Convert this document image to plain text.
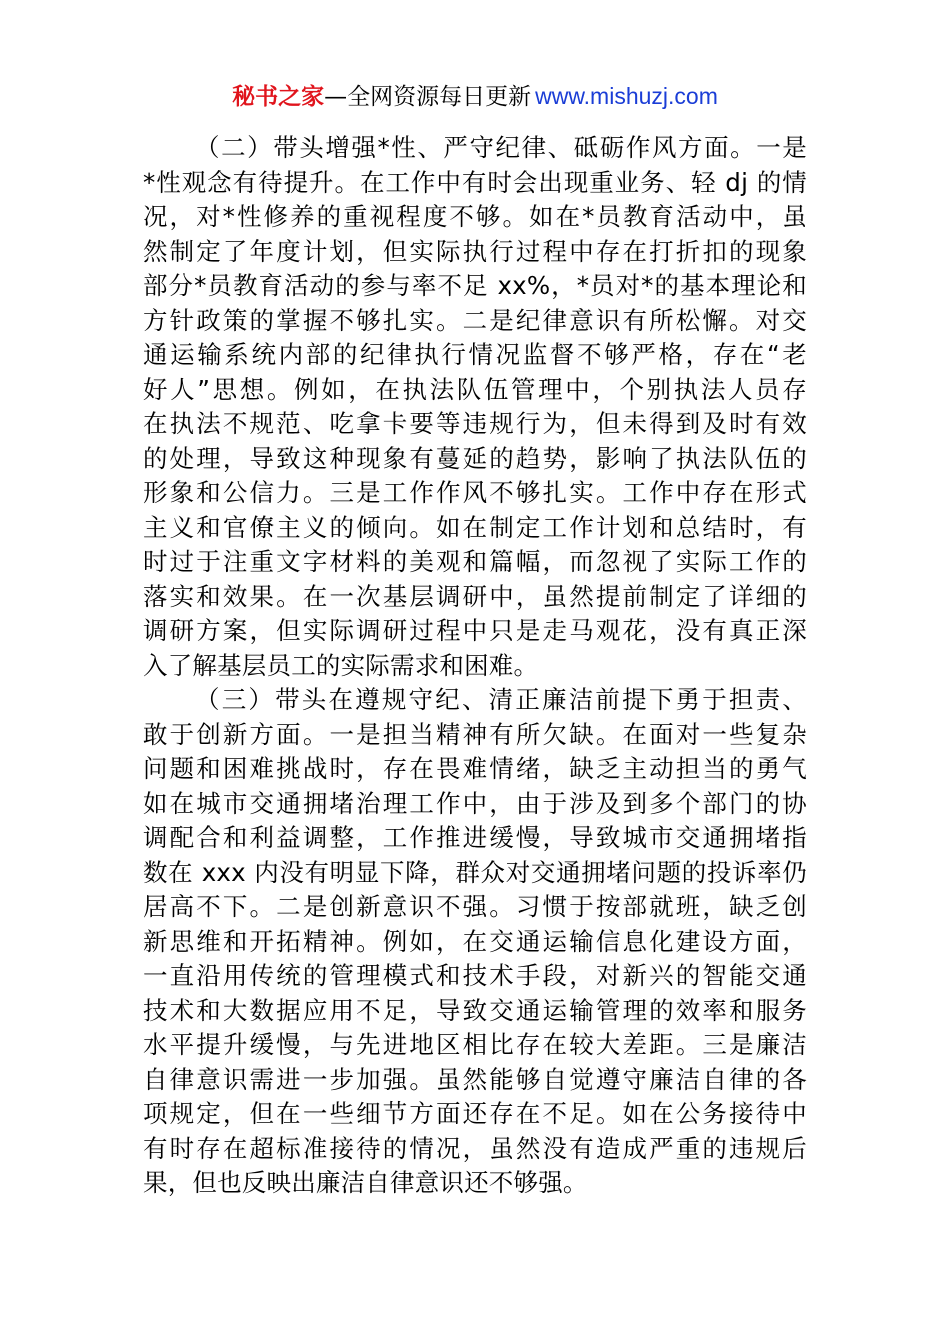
秘书之家—全网资源每日更新 www.mishuzj.com
（二）带头增强*性、严守纪律、砥砺作风方面。一是
*性观念有待提升。在工作中有时会出现重业务、轻 dj 的情
况，对*性修养的重视程度不够。如在*员教育活动中，虽
然制定了年度计划，但实际执行过程中存在打折扣的现象
部分*员教育活动的参与率不足 xx%，*员对*的基本理论和
方针政策的掌握不够扎实。二是纪律意识有所松懈。对交
通运输系统内部的纪律执行情况监督不够严格，存在“老
好人”思想。例如，在执法队伍管理中，个别执法人员存
在执法不规范、吃拿卡要等违规行为，但未得到及时有效
的处理，导致这种现象有蔓延的趋势，影响了执法队伍的
形象和公信力。三是工作作风不够扎实。工作中存在形式
主义和官僚主义的倾向。如在制定工作计划和总结时，有
时过于注重文字材料的美观和篇幅，而忽视了实际工作的
落实和效果。在一次基层调研中，虽然提前制定了详细的
调研方案，但实际调研过程中只是走马观花，没有真正深
入了解基层员工的实际需求和困难。
（三）带头在遵规守纪、清正廉洁前提下勇于担责、
敢于创新方面。一是担当精神有所欠缺。在面对一些复杂
问题和困难挑战时，存在畏难情绪，缺乏主动担当的勇气
如在城市交通拥堵治理工作中，由于涉及到多个部门的协
调配合和利益调整，工作推进缓慢，导致城市交通拥堵指
数在 xxx 内没有明显下降，群众对交通拥堵问题的投诉率仍
居高不下。二是创新意识不强。习惯于按部就班，缺乏创
新思维和开拓精神。例如，在交通运输信息化建设方面，
一直沿用传统的管理模式和技术手段，对新兴的智能交通
技术和大数据应用不足，导致交通运输管理的效率和服务
水平提升缓慢，与先进地区相比存在较大差距。三是廉洁
自律意识需进一步加强。虽然能够自觉遵守廉洁自律的各
项规定，但在一些细节方面还存在不足。如在公务接待中
有时存在超标准接待的情况，虽然没有造成严重的违规后
果，但也反映出廉洁自律意识还不够强。
